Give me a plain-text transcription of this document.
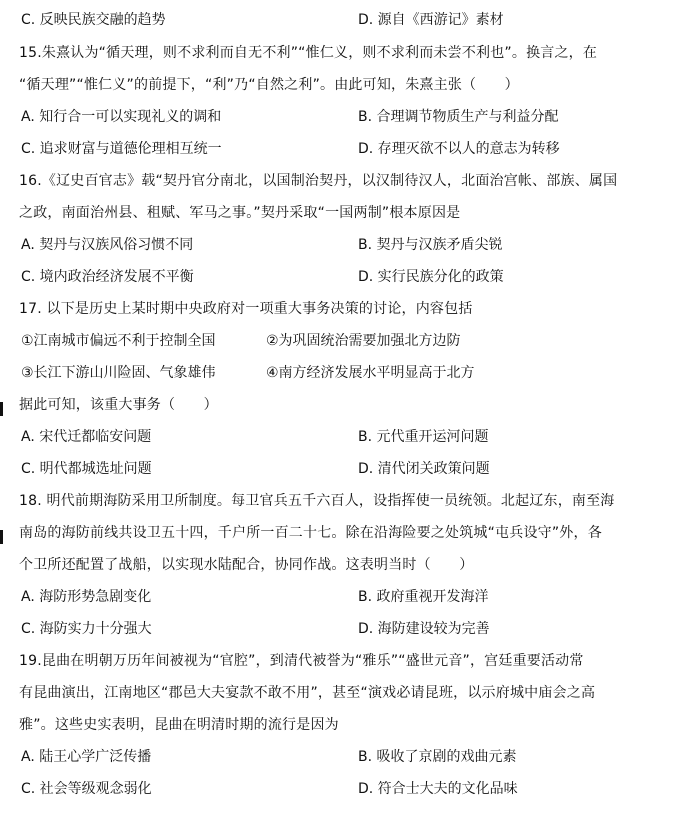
C. 反映民族交融的趋势	D. 源自《西游记》素材
15.朱熹认为“循天理，则不求利而自无不利”“惟仁义，则不求利而未尝不利也”。换言之，在
“循天理”“惟仁义”的前提下，“利”乃“自然之利”。由此可知，朱熹主张（　　）
A. 知行合一可以实现礼义的调和	B. 合理调节物质生产与利益分配
C. 追求财富与道德伦理相互统一	D. 存理灭欲不以人的意志为转移
16.《辽史百官志》载“契丹官分南北，以国制治契丹，以汉制待汉人，北面治宫帐、部族、属国
之政，南面治州县、租赋、军马之事。”契丹采取“一国两制”根本原因是
A. 契丹与汉族风俗习惯不同	B. 契丹与汉族矛盾尖锐
C. 境内政治经济发展不平衡	D. 实行民族分化的政策
17. 以下是历史上某时期中央政府对一项重大事务决策的讨论，内容包括
①江南城市偏远不利于控制全国	②为巩固统治需要加强北方边防
③长江下游山川险固、气象雄伟	④南方经济发展水平明显高于北方
据此可知，该重大事务（　　）
A. 宋代迁都临安问题	B. 元代重开运河问题
C. 明代都城选址问题	D. 清代闭关政策问题
18. 明代前期海防采用卫所制度。每卫官兵五千六百人，设指挥使一员统领。北起辽东，南至海
南岛的海防前线共设卫五十四，千户所一百二十七。除在沿海险要之处筑城“屯兵设守”外，各
个卫所还配置了战船，以实现水陆配合，协同作战。这表明当时（　　）
A. 海防形势急剧变化	B. 政府重视开发海洋
C. 海防实力十分强大	D. 海防建设较为完善
19.昆曲在明朝万历年间被视为“官腔”，到清代被誉为“雅乐”“盛世元音”，宫廷重要活动常
有昆曲演出，江南地区“郡邑大夫宴款不敢不用”，甚至“演戏必请昆班，以示府城中庙会之高
雅”。这些史实表明，昆曲在明清时期的流行是因为
A. 陆王心学广泛传播	B. 吸收了京剧的戏曲元素
C. 社会等级观念弱化	D. 符合士大夫的文化品味
